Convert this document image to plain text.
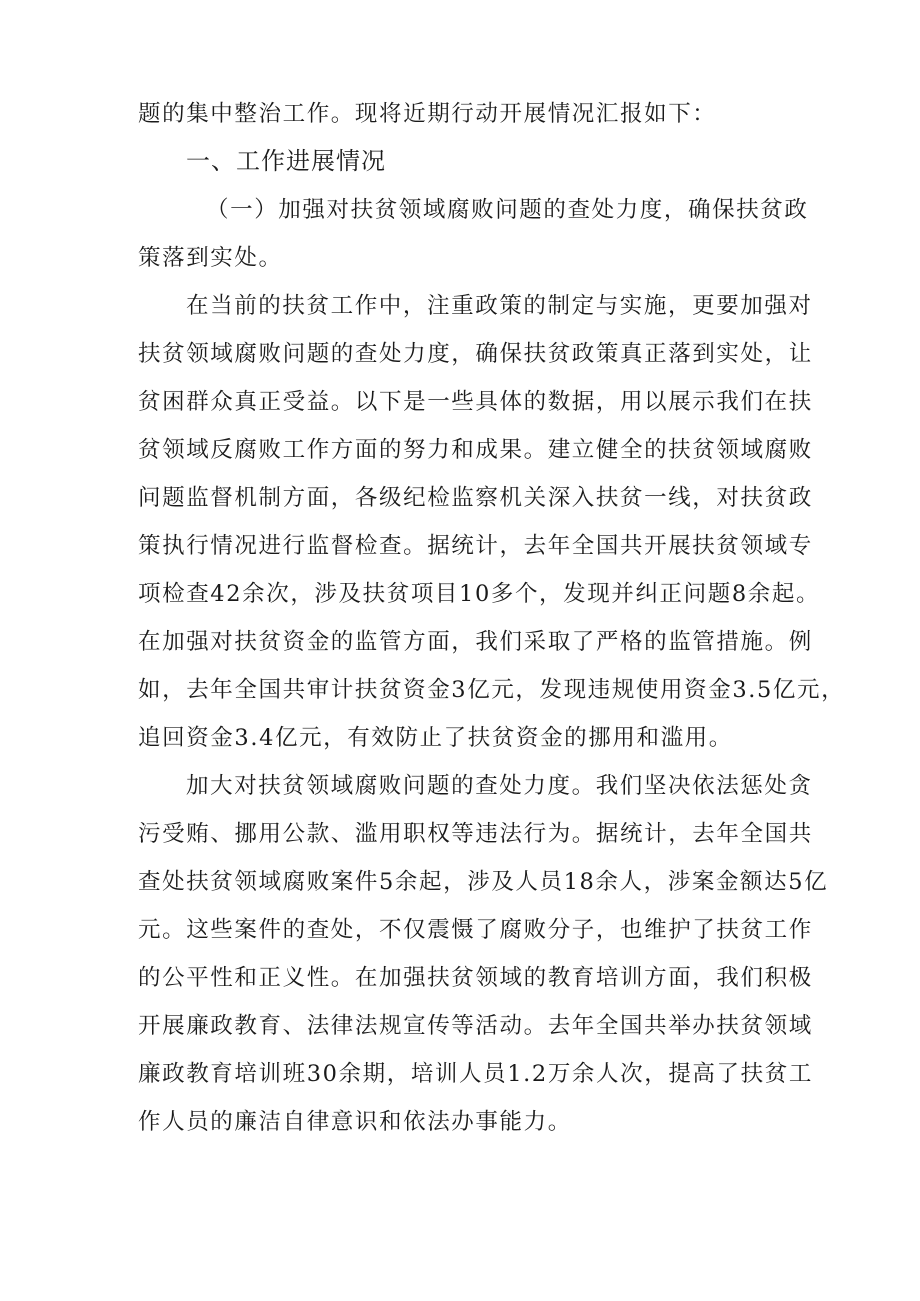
题的集中整治工作。现将近期行动开展情况汇报如下：
一、工作进展情况
（一）加强对扶贫领域腐败问题的查处力度，确保扶贫政
策落到实处。
在当前的扶贫工作中，注重政策的制定与实施，更要加强对
扶贫领域腐败问题的查处力度，确保扶贫政策真正落到实处，让
贫困群众真正受益。以下是一些具体的数据，用以展示我们在扶
贫领域反腐败工作方面的努力和成果。建立健全的扶贫领域腐败
问题监督机制方面，各级纪检监察机关深入扶贫一线，对扶贫政
策执行情况进行监督检查。据统计，去年全国共开展扶贫领域专
项检查42余次，涉及扶贫项目10多个，发现并纠正问题8余起。
在加强对扶贫资金的监管方面，我们采取了严格的监管措施。例
如，去年全国共审计扶贫资金3亿元，发现违规使用资金3.5亿元，
追回资金3.4亿元，有效防止了扶贫资金的挪用和滥用。
加大对扶贫领域腐败问题的查处力度。我们坚决依法惩处贪
污受贿、挪用公款、滥用职权等违法行为。据统计，去年全国共
查处扶贫领域腐败案件5余起，涉及人员18余人，涉案金额达5亿
元。这些案件的查处，不仅震慑了腐败分子，也维护了扶贫工作
的公平性和正义性。在加强扶贫领域的教育培训方面，我们积极
开展廉政教育、法律法规宣传等活动。去年全国共举办扶贫领域
廉政教育培训班30余期，培训人员1.2万余人次，提高了扶贫工
作人员的廉洁自律意识和依法办事能力。
